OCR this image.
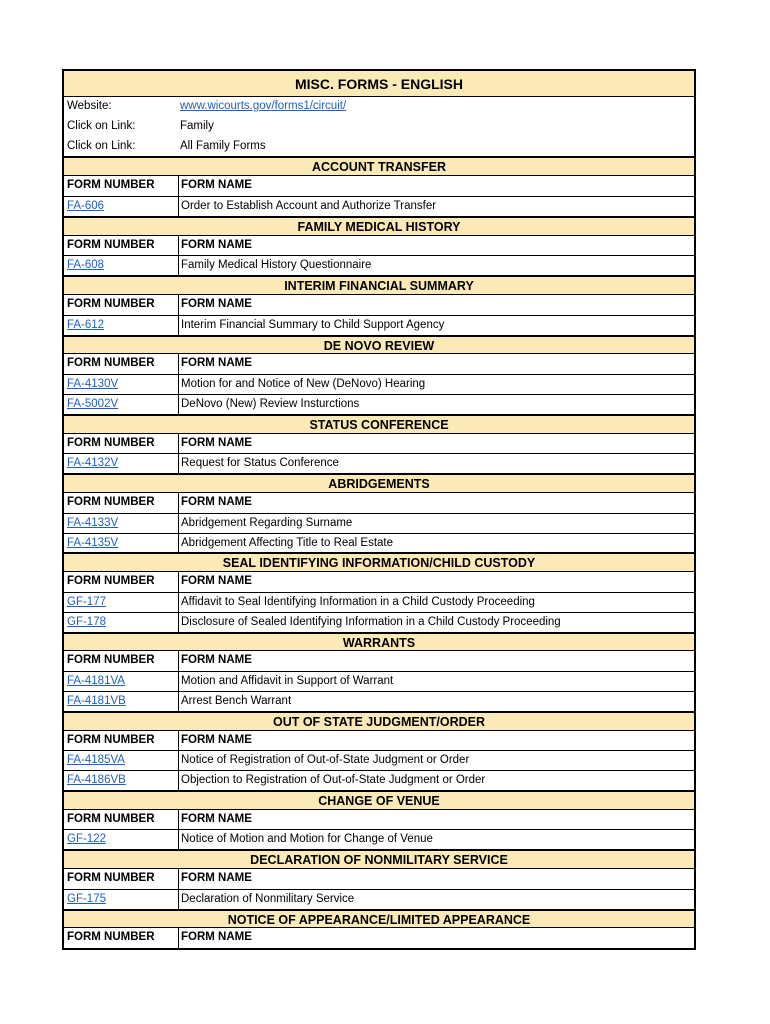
MISC. FORMS - ENGLISH
Website:	www.wicourts.gov/forms1/circuit/
Click on Link:	Family
Click on Link:	All Family Forms
ACCOUNT TRANSFER
FORM NUMBER	FORM NAME
FA-606	Order to Establish Account and Authorize Transfer
FAMILY MEDICAL HISTORY
FORM NUMBER	FORM NAME
FA-608	Family Medical History Questionnaire
INTERIM FINANCIAL SUMMARY
FORM NUMBER	FORM NAME
FA-612	Interim Financial Summary to Child Support Agency
DE NOVO REVIEW
FORM NUMBER	FORM NAME
FA-4130V	Motion for and Notice of New (DeNovo) Hearing
FA-5002V	DeNovo (New) Review Insturctions
STATUS CONFERENCE
FORM NUMBER	FORM NAME
FA-4132V	Request for Status Conference
ABRIDGEMENTS
FORM NUMBER	FORM NAME
FA-4133V	Abridgement Regarding Surname
FA-4135V	Abridgement Affecting Title to Real Estate
SEAL IDENTIFYING INFORMATION/CHILD CUSTODY
FORM NUMBER	FORM NAME
GF-177	Affidavit to Seal Identifying Information in a Child Custody Proceeding
GF-178	Disclosure of Sealed Identifying Information in a Child Custody Proceeding
WARRANTS
FORM NUMBER	FORM NAME
FA-4181VA	Motion and Affidavit in Support of Warrant
FA-4181VB	Arrest Bench Warrant
OUT OF STATE JUDGMENT/ORDER
FORM NUMBER	FORM NAME
FA-4185VA	Notice of Registration of Out-of-State Judgment or Order
FA-4186VB	Objection to Registration of Out-of-State Judgment or Order
CHANGE OF VENUE
FORM NUMBER	FORM NAME
GF-122	Notice of Motion and Motion for Change of Venue
DECLARATION OF NONMILITARY SERVICE
FORM NUMBER	FORM NAME
GF-175	Declaration of Nonmilitary Service
NOTICE OF APPEARANCE/LIMITED APPEARANCE
FORM NUMBER	FORM NAME
